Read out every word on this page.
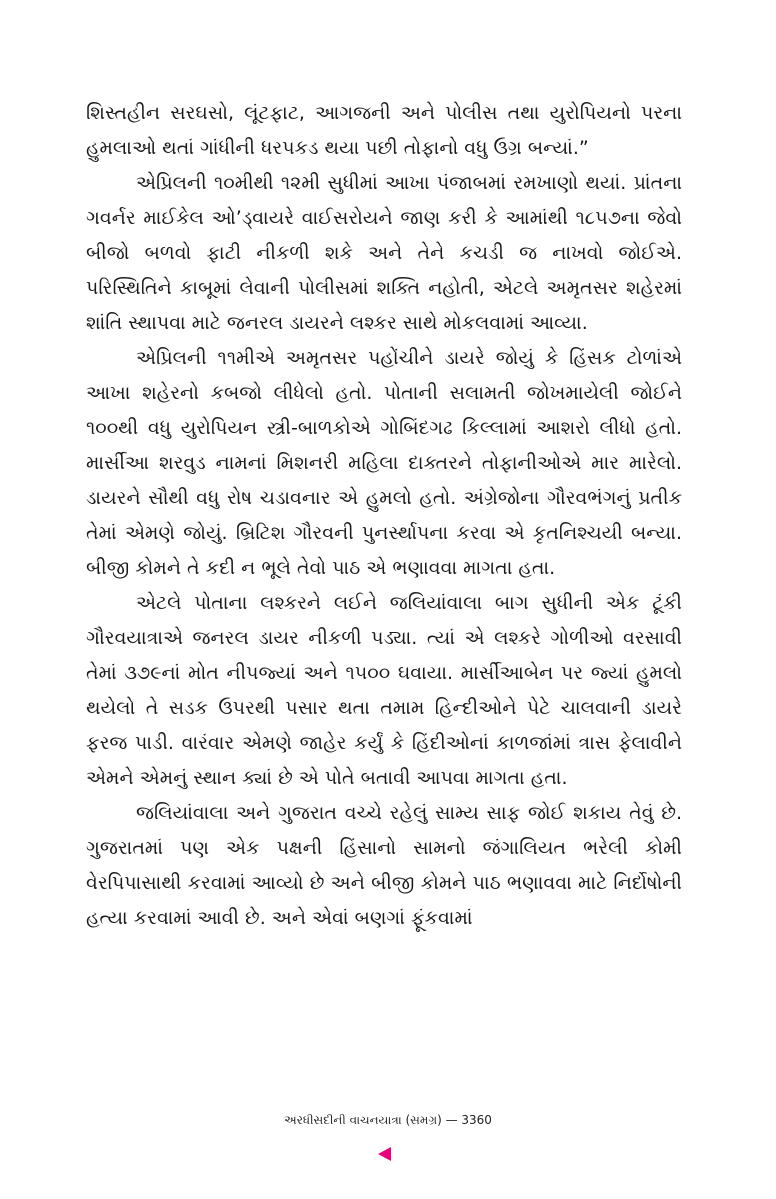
શિસ્તહીન સરઘસો, લૂંટફાટ, આગજની અને પોલીસ તથા યુરોપિયનો પરના હુમલાઓ થતાં ગાંધીની ધરપકડ થયા પછી તોફાનો વધુ ઉગ્ર બન્યાં.”

એપ્રિલની ૧૦મીથી ૧૨મી સુધીમાં આખા પંજાબમાં રમખાણો થયાં. પ્રાંતના ગવર્નર માઈકેલ ઓ’ડ્વાયરે વાઈસરોયને જાણ કરી કે આમાંથી ૧૮૫૭ના જેવો બીજો બળવો ફાટી નીકળી શકે અને તેને કચડી જ નાખવો જોઈએ. પરિસ્થિતિને કાબૂમાં લેવાની પોલીસમાં શક્તિ નહોતી, એટલે અમૃતસર શહેરમાં શાંતિ સ્થાપવા માટે જનરલ ડાયરને લશ્કર સાથે મોકલવામાં આવ્યા.

એપ્રિલની ૧૧મીએ અમૃતસર પહોંચીને ડાયરે જોયું કે હિંસક ટોળાંએ આખા શહેરનો કબજો લીધેલો હતો. પોતાની સલામતી જોખમાયેલી જોઈને ૧૦૦થી વધુ યુરોપિયન સ્ત્રી-બાળકોએ ગોબિંદગઢ કિલ્લામાં આશરો લીધો હતો. માર્સીઆ શરવુડ નામનાં મિશનરી મહિલા દાક્તરને તોફાનીઓએ માર મારેલો. ડાયરને સૌથી વધુ રોષ ચડાવનાર એ હુમલો હતો. અંગ્રેજોના ગૌરવભંગનું પ્રતીક તેમાં એમણે જોયું. બ્રિટિશ ગૌરવની પુનર્સ્થાપના કરવા એ કૃતનિશ્ચયી બન્યા. બીજી કોમને તે કદી ન ભૂલે તેવો પાઠ એ ભણાવવા માગતા હતા.

એટલે પોતાના લશ્કરને લઈને જલિયાંવાલા બાગ સુધીની એક ટૂંકી ગૌરવયાત્રાએ જનરલ ડાયર નીકળી પડ્યા. ત્યાં એ લશ્કરે ગોળીઓ વરસાવી તેમાં ૩૭૯નાં મોત નીપજ્યાં અને ૧૫૦૦ ઘવાયા. માર્સીઆબેન પર જ્યાં હુમલો થયેલો તે સડક ઉપરથી પસાર થતા તમામ હિન્દીઓને પેટે ચાલવાની ડાયરે ફરજ પાડી. વારંવાર એમણે જાહેર કર્યું કે હિંદીઓનાં કાળજાંમાં ત્રાસ ફેલાવીને એમને એમનું સ્થાન ક્યાં છે એ પોતે બતાવી આપવા માગતા હતા.

જલિયાંવાલા અને ગુજરાત વચ્ચે રહેલું સામ્ય સાફ જોઈ શકાય તેવું છે. ગુજરાતમાં પણ એક પક્ષની હિંસાનો સામનો જંગાલિયત ભરેલી કોમી વેરપિપાસાથી કરવામાં આવ્યો છે અને બીજી કોમને પાઠ ભણાવવા માટે નિર્દોષોની હત્યા કરવામાં આવી છે. અને એવાં બણગાં ફૂંકવામાં

અરધીસદીની વાચનયાત્રા (સમગ્ર) — 3360
